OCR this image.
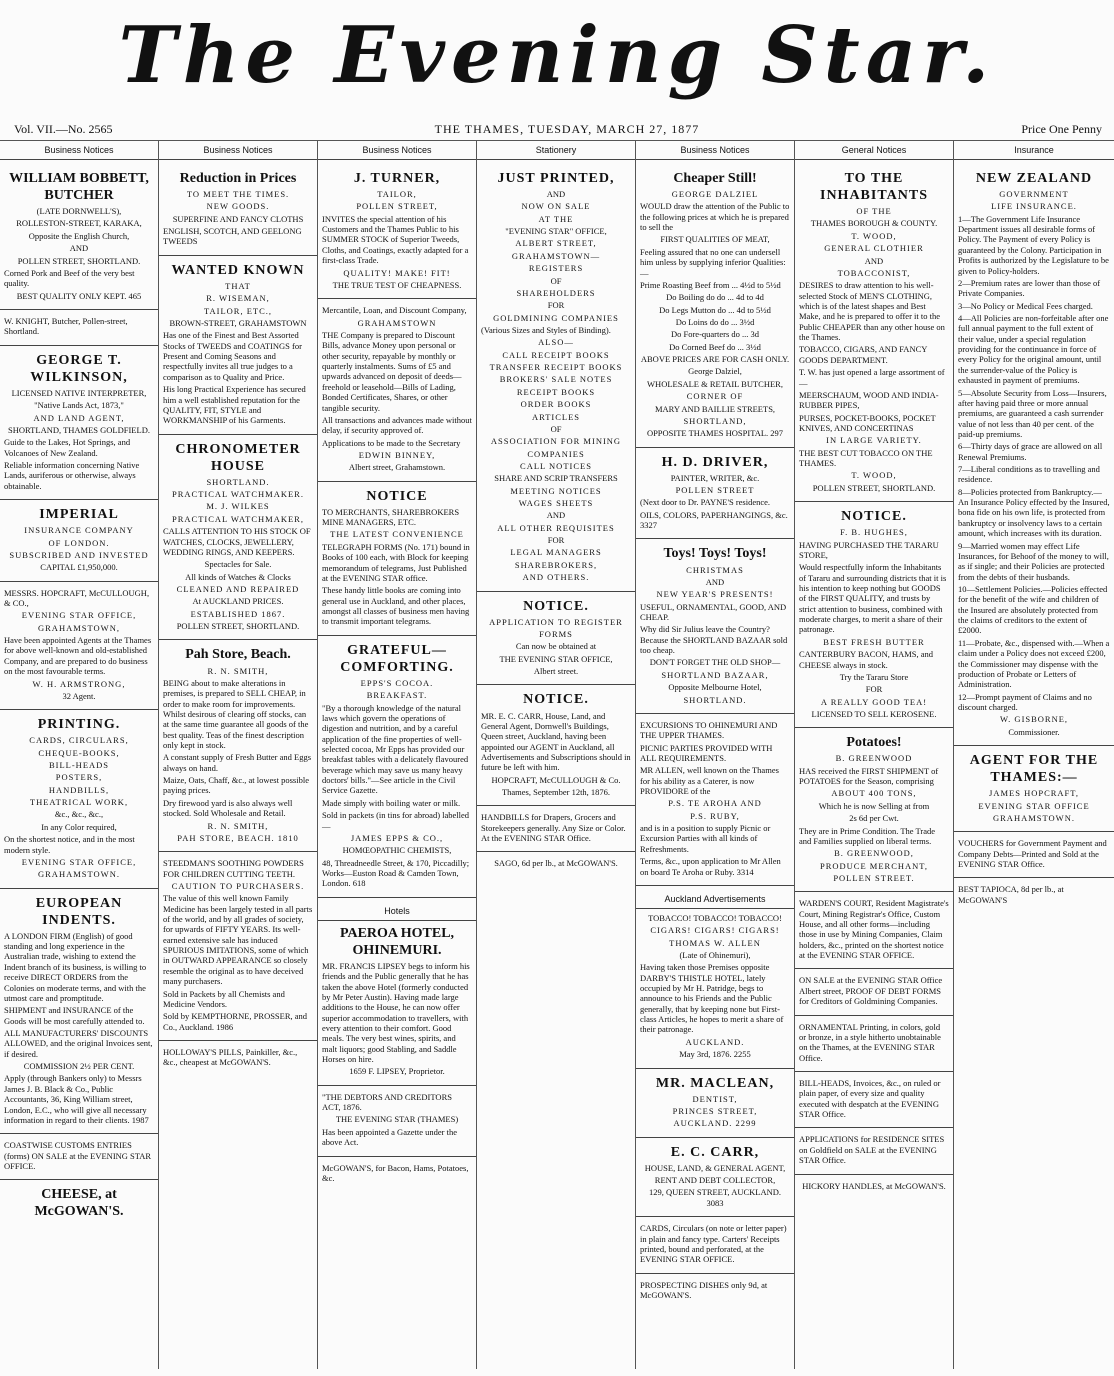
The Evening Star.
Vol. VII.—No. 2565	THE THAMES, TUESDAY, MARCH 27, 1877	Price One Penny
Business Notices

WILLIAM BOBBETT, BUTCHER

(LATE DORNWELL'S),

ROLLESTON-STREET, KARAKA,

Opposite the English Church,

AND

POLLEN STREET, SHORTLAND.

Corned Pork and Beef of the very best quality.

BEST QUALITY ONLY KEPT. 465

W. KNIGHT, Butcher, Pollen-street, Shortland.

GEORGE T. WILKINSON,

LICENSED NATIVE INTERPRETER,

"Native Lands Act, 1873,"

AND LAND AGENT,

SHORTLAND, THAMES GOLDFIELD.

Guide to the Lakes, Hot Springs, and Volcanoes of New Zealand.

Reliable information concerning Native Lands, auriferous or otherwise, always obtainable.

IMPERIAL

INSURANCE COMPANY

OF LONDON.

SUBSCRIBED AND INVESTED

CAPITAL £1,950,000.

MESSRS. HOPCRAFT, McCULLOUGH, & CO.,

EVENING STAR OFFICE,

GRAHAMSTOWN,

Have been appointed Agents at the Thames for above well-known and old-established Company, and are prepared to do business on the most favourable terms.

W. H. ARMSTRONG,

32 Agent.

PRINTING.

CARDS, CIRCULARS,

CHEQUE-BOOKS,

BILL-HEADS

POSTERS,

HANDBILLS,

THEATRICAL WORK,

&c., &c., &c.,

In any Color required,

On the shortest notice, and in the most modern style.

EVENING STAR OFFICE,

GRAHAMSTOWN.

EUROPEAN INDENTS.

A LONDON FIRM (English) of good standing and long experience in the Australian trade, wishing to extend the Indent branch of its business, is willing to receive DIRECT ORDERS from the Colonies on moderate terms, and with the utmost care and promptitude.

SHIPMENT and INSURANCE of the Goods will be most carefully attended to.

ALL MANUFACTURERS' DISCOUNTS ALLOWED, and the original Invoices sent, if desired.

COMMISSION 2½ PER CENT.

Apply (through Bankers only) to Messrs James J. B. Black & Co., Public Accountants, 36, King William street, London, E.C., who will give all necessary information in regard to their clients. 1987

COASTWISE CUSTOMS ENTRIES (forms) ON SALE at the EVENING STAR OFFICE.

CHEESE, at McGOWAN'S.

Business Notices

Reduction in Prices

TO MEET THE TIMES.

NEW GOODS.

SUPERFINE AND FANCY CLOTHS

ENGLISH, SCOTCH, AND GEELONG TWEEDS

WANTED KNOWN

THAT

R. WISEMAN,

TAILOR, ETC.,

BROWN-STREET, GRAHAMSTOWN

Has one of the Finest and Best Assorted Stocks of TWEEDS and COATINGS for Present and Coming Seasons and respectfully invites all true judges to a comparison as to Quality and Price.

His long Practical Experience has secured him a well established reputation for the QUALITY, FIT, STYLE and WORKMANSHIP of his Garments.

CHRONOMETER HOUSE

SHORTLAND.

PRACTICAL WATCHMAKER.

M. J. WILKES

PRACTICAL WATCHMAKER,

CALLS ATTENTION TO HIS STOCK OF WATCHES, CLOCKS, JEWELLERY, WEDDING RINGS, AND KEEPERS.

Spectacles for Sale.

All kinds of Watches & Clocks

CLEANED AND REPAIRED

At AUCKLAND PRICES.

ESTABLISHED 1867.

POLLEN STREET, SHORTLAND.

Pah Store, Beach.

R. N. SMITH,

BEING about to make alterations in premises, is prepared to SELL CHEAP, in order to make room for improvements. Whilst desirous of clearing off stocks, can at the same time guarantee all goods of the best quality. Teas of the finest description only kept in stock.

A constant supply of Fresh Butter and Eggs always on hand.

Maize, Oats, Chaff, &c., at lowest possible paying prices.

Dry firewood yard is also always well stocked. Sold Wholesale and Retail.

R. N. SMITH,

PAH STORE, BEACH. 1810

STEEDMAN'S SOOTHING POWDERS FOR CHILDREN CUTTING TEETH.

CAUTION TO PURCHASERS.

The value of this well known Family Medicine has been largely tested in all parts of the world, and by all grades of society, for upwards of FIFTY YEARS. Its well-earned extensive sale has induced SPURIOUS IMITATIONS, some of which in OUTWARD APPEARANCE so closely resemble the original as to have deceived many purchasers.

Sold in Packets by all Chemists and Medicine Vendors.

Sold by KEMPTHORNE, PROSSER, and Co., Auckland. 1986

HOLLOWAY'S PILLS, Painkiller, &c., &c., cheapest at McGOWAN'S.

Business Notices

J. TURNER,

TAILOR,

POLLEN STREET,

INVITES the special attention of his Customers and the Thames Public to his SUMMER STOCK of Superior Tweeds, Cloths, and Coatings, exactly adapted for a first-class Trade.

QUALITY! MAKE! FIT!

THE TRUE TEST OF CHEAPNESS.

Mercantile, Loan, and Discount Company,

GRAHAMSTOWN

THE Company is prepared to Discount Bills, advance Money upon personal or other security, repayable by monthly or quarterly instalments. Sums of £5 and upwards advanced on deposit of deeds—freehold or leasehold—Bills of Lading, Bonded Certificates, Shares, or other tangible security.

All transactions and advances made without delay, if security approved of.

Applications to be made to the Secretary

EDWIN BINNEY,

Albert street, Grahamstown.

NOTICE

TO MERCHANTS, SHAREBROKERS MINE MANAGERS, ETC.

THE LATEST CONVENIENCE

TELEGRAPH FORMS (No. 171) bound in Books of 100 each, with Block for keeping memorandum of telegrams, Just Published at the EVENING STAR office.

These handy little books are coming into general use in Auckland, and other places, amongst all classes of business men having to transmit important telegrams.

GRATEFUL—COMFORTING.

EPPS'S COCOA.

BREAKFAST.

"By a thorough knowledge of the natural laws which govern the operations of digestion and nutrition, and by a careful application of the fine properties of well-selected cocoa, Mr Epps has provided our breakfast tables with a delicately flavoured beverage which may save us many heavy doctors' bills."—See article in the Civil Service Gazette.

Made simply with boiling water or milk.

Sold in packets (in tins for abroad) labelled—

JAMES EPPS & CO.,

HOMŒOPATHIC CHEMISTS,

48, Threadneedle Street, & 170, Piccadilly; Works—Euston Road & Camden Town, London. 618

Hotels

PAEROA HOTEL, OHINEMURI.

MR. FRANCIS LIPSEY begs to inform his friends and the Public generally that he has taken the above Hotel (formerly conducted by Mr Peter Austin). Having made large additions to the House, he can now offer superior accommodation to travellers, with every attention to their comfort. Good meals. The very best wines, spirits, and malt liquors; good Stabling, and Saddle Horses on hire.

1659 F. LIPSEY, Proprietor.

"THE DEBTORS AND CREDITORS ACT, 1876.

THE EVENING STAR (THAMES)

Has been appointed a Gazette under the above Act.

McGOWAN'S, for Bacon, Hams, Potatoes, &c.

Stationery

JUST PRINTED,

AND

NOW ON SALE

AT THE

"EVENING STAR" OFFICE,

ALBERT STREET,

GRAHAMSTOWN—

REGISTERS

OF

SHAREHOLDERS

FOR

GOLDMINING COMPANIES

(Various Sizes and Styles of Binding).

ALSO—

CALL RECEIPT BOOKS

TRANSFER RECEIPT BOOKS

BROKERS' SALE NOTES

RECEIPT BOOKS

ORDER BOOKS

ARTICLES

OF

ASSOCIATION FOR MINING

COMPANIES

CALL NOTICES

SHARE AND SCRIP TRANSFERS

MEETING NOTICES

WAGES SHEETS

AND

ALL OTHER REQUISITES

FOR

LEGAL MANAGERS

SHAREBROKERS,

AND OTHERS.

NOTICE.

APPLICATION TO REGISTER

FORMS

Can now be obtained at

THE EVENING STAR OFFICE,

Albert street.

NOTICE.

MR. E. C. CARR, House, Land, and General Agent, Dornwell's Buildings, Queen street, Auckland, having been appointed our AGENT in Auckland, all Advertisements and Subscriptions should in future be left with him.

HOPCRAFT, McCULLOUGH & Co.

Thames, September 12th, 1876.

HANDBILLS for Drapers, Grocers and Storekeepers generally. Any Size or Color. At the EVENING STAR Office.

SAGO, 6d per lb., at McGOWAN'S.

Business Notices

Cheaper Still!

GEORGE DALZIEL

WOULD draw the attention of the Public to the following prices at which he is prepared to sell the

FIRST QUALITIES OF MEAT,

Feeling assured that no one can undersell him unless by supplying inferior Qualities:—

Prime Roasting Beef from ... 4½d to 5½d

Do Boiling do do ... 4d to 4d

Do Legs Mutton do ... 4d to 5½d

Do Loins do do ... 3½d

Do Fore-quarters do ... 3d

Do Corned Beef do ... 3½d

ABOVE PRICES ARE FOR CASH ONLY.

George Dalziel,

WHOLESALE & RETAIL BUTCHER,

CORNER OF

MARY AND BAILLIE STREETS,

SHORTLAND,

OPPOSITE THAMES HOSPITAL. 297

H. D. DRIVER,

PAINTER, WRITER, &c.

POLLEN STREET

(Next door to Dr. PAYNE'S residence.

OILS, COLORS, PAPERHANGINGS, &c. 3327

Toys! Toys! Toys!

CHRISTMAS

AND

NEW YEAR'S PRESENTS!

USEFUL, ORNAMENTAL, GOOD, AND CHEAP.

Why did Sir Julius leave the Country? Because the SHORTLAND BAZAAR sold too cheap.

DON'T FORGET THE OLD SHOP—

SHORTLAND BAZAAR,

Opposite Melbourne Hotel,

SHORTLAND.

EXCURSIONS TO OHINEMURI AND THE UPPER THAMES.

PICNIC PARTIES PROVIDED WITH ALL REQUIREMENTS.

MR ALLEN, well known on the Thames for his ability as a Caterer, is now PROVIDORE of the

P.S. TE AROHA AND

P.S. RUBY,

and is in a position to supply Picnic or Excursion Parties with all kinds of Refreshments.

Terms, &c., upon application to Mr Allen on board Te Aroha or Ruby. 3314

Auckland Advertisements

TOBACCO! TOBACCO! TOBACCO!

CIGARS! CIGARS! CIGARS!

THOMAS W. ALLEN

(Late of Ohinemuri),

Having taken those Premises opposite DARBY'S THISTLE HOTEL, lately occupied by Mr H. Patridge, begs to announce to his Friends and the Public generally, that by keeping none but First-class Articles, he hopes to merit a share of their patronage.

AUCKLAND.

May 3rd, 1876. 2255

MR. MACLEAN,

DENTIST,

PRINCES STREET,

AUCKLAND. 2299

E. C. CARR,

HOUSE, LAND, & GENERAL AGENT,

RENT AND DEBT COLLECTOR,

129, QUEEN STREET, AUCKLAND. 3083

CARDS, Circulars (on note or letter paper) in plain and fancy type. Carters' Receipts printed, bound and perforated, at the EVENING STAR OFFICE.

PROSPECTING DISHES only 9d, at McGOWAN'S.

General Notices

TO THE INHABITANTS

OF THE

THAMES BOROUGH & COUNTY.

T. WOOD,

GENERAL CLOTHIER

AND

TOBACCONIST,

DESIRES to draw attention to his well-selected Stock of MEN'S CLOTHING, which is of the latest shapes and Best Make, and he is prepared to offer it to the Public CHEAPER than any other house on the Thames.

TOBACCO, CIGARS, AND FANCY GOODS DEPARTMENT.

T. W. has just opened a large assortment of—

MEERSCHAUM, WOOD AND INDIA-RUBBER PIPES,

PURSES, POCKET-BOOKS, POCKET KNIVES, AND CONCERTINAS

IN LARGE VARIETY.

THE BEST CUT TOBACCO ON THE THAMES.

T. WOOD,

POLLEN STREET, SHORTLAND.

NOTICE.

F. B. HUGHES,

HAVING PURCHASED THE TARARU STORE,

Would respectfully inform the Inhabitants of Tararu and surrounding districts that it is his intention to keep nothing but GOODS of the FIRST QUALITY, and trusts by strict attention to business, combined with moderate charges, to merit a share of their patronage.

BEST FRESH BUTTER

CANTERBURY BACON, HAMS, and CHEESE always in stock.

Try the Tararu Store

FOR

A REALLY GOOD TEA!

LICENSED TO SELL KEROSENE.

Potatoes!

B. GREENWOOD

HAS received the FIRST SHIPMENT of POTATOES for the Season, comprising

ABOUT 400 TONS,

Which he is now Selling at from

2s 6d per Cwt.

They are in Prime Condition. The Trade and Families supplied on liberal terms.

B. GREENWOOD,

PRODUCE MERCHANT,

POLLEN STREET.

WARDEN'S COURT, Resident Magistrate's Court, Mining Registrar's Office, Custom House, and all other forms—including those in use by Mining Companies, Claim holders, &c., printed on the shortest notice at the EVENING STAR OFFICE.

ON SALE at the EVENING STAR Office Albert street, PROOF OF DEBT FORMS for Creditors of Goldmining Companies.

ORNAMENTAL Printing, in colors, gold or bronze, in a style hitherto unobtainable on the Thames, at the EVENING STAR Office.

BILL-HEADS, Invoices, &c., on ruled or plain paper, of every size and quality executed with despatch at the EVENING STAR Office.

APPLICATIONS for RESIDENCE SITES on Goldfield on SALE at the EVENING STAR Office.

HICKORY HANDLES, at McGOWAN'S.

Insurance

NEW ZEALAND

GOVERNMENT

LIFE INSURANCE.

1—The Government Life Insurance Department issues all desirable forms of Policy. The Payment of every Policy is guaranteed by the Colony. Participation in Profits is authorized by the Legislature to be given to Policy-holders.

2—Premium rates are lower than those of Private Companies.

3—No Policy or Medical Fees charged.

4—All Policies are non-forfeitable after one full annual payment to the full extent of their value, under a special regulation providing for the continuance in force of every Policy for the original amount, until the surrender-value of the Policy is exhausted in payment of premiums.

5—Absolute Security from Loss—Insurers, after having paid three or more annual premiums, are guaranteed a cash surrender value of not less than 40 per cent. of the paid-up premiums.

6—Thirty days of grace are allowed on all Renewal Premiums.

7—Liberal conditions as to travelling and residence.

8—Policies protected from Bankruptcy.—An Insurance Policy effected by the Insured, bona fide on his own life, is protected from bankruptcy or insolvency laws to a certain amount, which increases with its duration.

9—Married women may effect Life Insurances, for Behoof of the money to will, as if single; and their Policies are protected from the debts of their husbands.

10—Settlement Policies.—Policies effected for the benefit of the wife and children of the Insured are absolutely protected from the claims of creditors to the extent of £2000.

11—Probate, &c., dispensed with.—When a claim under a Policy does not exceed £200, the Commissioner may dispense with the production of Probate or Letters of Administration.

12—Prompt payment of Claims and no discount charged.

W. GISBORNE,

Commissioner.

AGENT FOR THE THAMES:—

JAMES HOPCRAFT,

EVENING STAR OFFICE

GRAHAMSTOWN.

VOUCHERS for Government Payment and Company Debts—Printed and Sold at the EVENING STAR Office.

BEST TAPIOCA, 8d per lb., at McGOWAN'S
